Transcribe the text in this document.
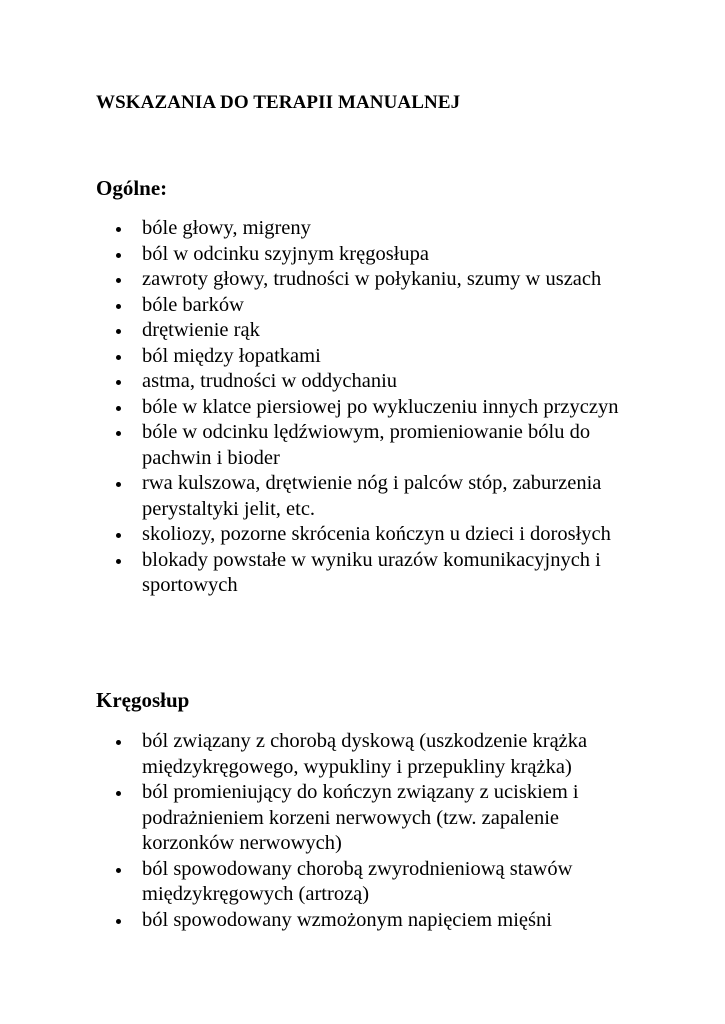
WSKAZANIA DO TERAPII MANUALNEJ
Ogólne:
bóle głowy, migreny
ból w odcinku szyjnym kręgosłupa
zawroty głowy, trudności w połykaniu, szumy w uszach
bóle barków
drętwienie rąk
ból między łopatkami
astma, trudności w oddychaniu
bóle w klatce piersiowej po wykluczeniu innych przyczyn
bóle w odcinku lędźwiowym, promieniowanie bólu do pachwin i bioder
rwa kulszowa, drętwienie nóg i palców stóp, zaburzenia perystaltyki jelit, etc.
skoliozy, pozorne skrócenia kończyn u dzieci i dorosłych
blokady powstałe w wyniku urazów komunikacyjnych i sportowych
Kręgosłup
ból związany z chorobą dyskową (uszkodzenie krążka międzykręgowego, wypukliny i przepukliny krążka)
ból promieniujący do kończyn związany z uciskiem i podrażnieniem korzeni nerwowych (tzw. zapalenie korzonków nerwowych)
ból spowodowany chorobą zwyrodnieniową stawów międzykręgowych (artrozą)
ból spowodowany wzmożonym napięciem mięśni
